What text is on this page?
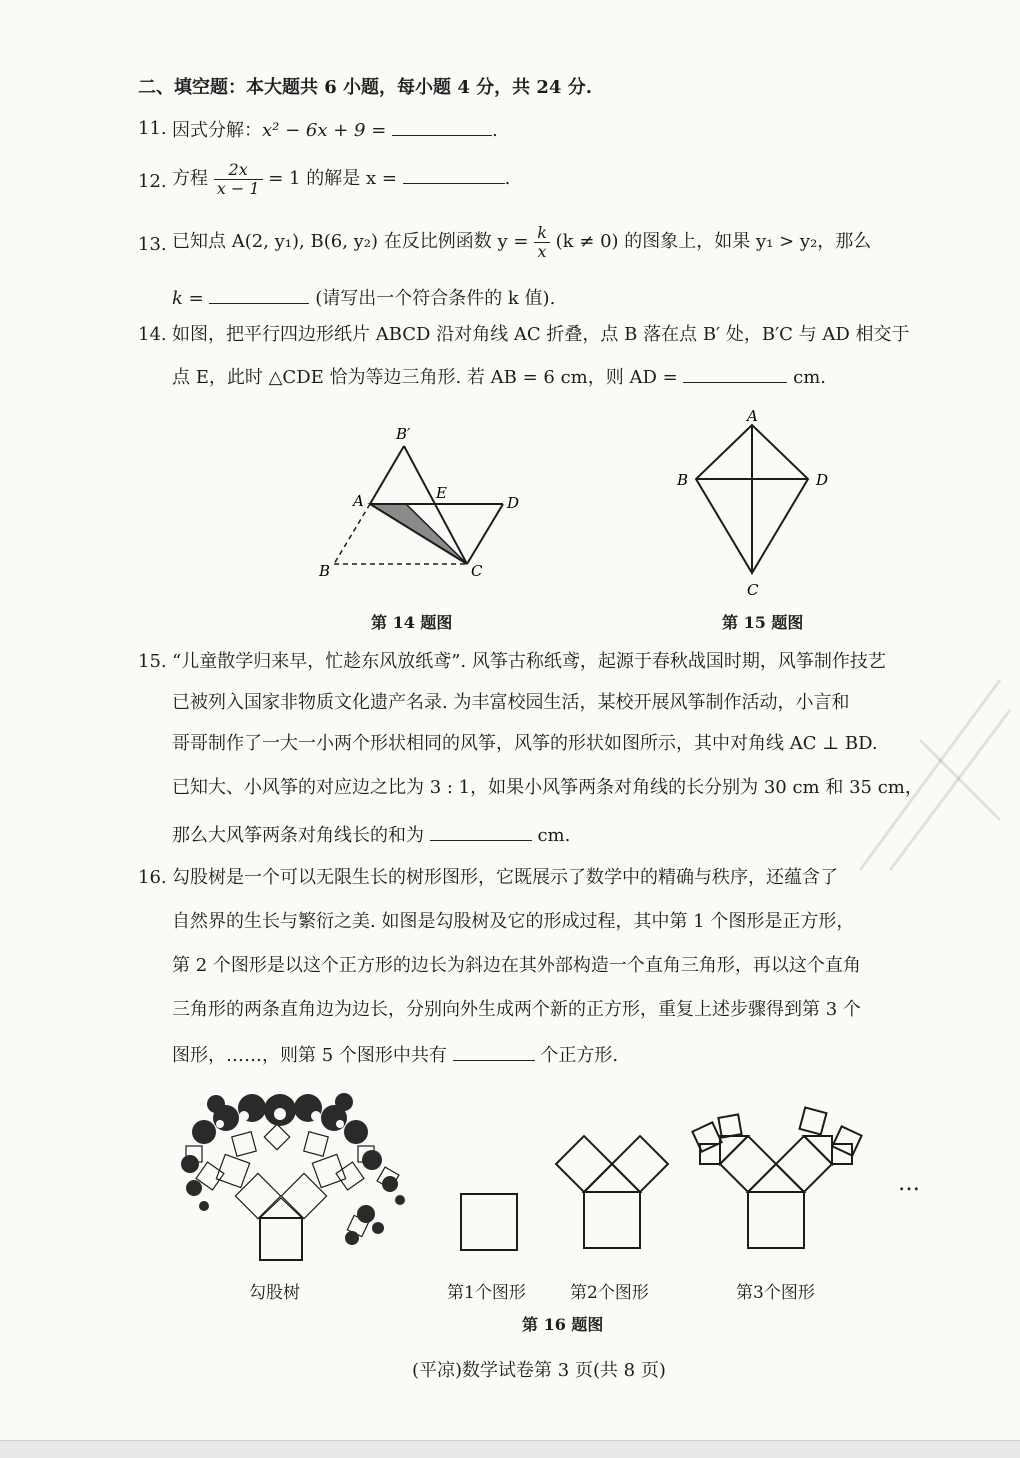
二、填空题：本大题共 6 小题，每小题 4 分，共 24 分.
11. 因式分解：x² − 6x + 9 =	.
12. 方程 $\frac{2x}{x - 1} = 1$ 的解是 x =	.
13. 已知点 A(2, y₁), B(6, y₂) 在反比例函数 $y = \frac{k}{x} (k \ne 0)$ 的图象上，如果 y₁ > y₂，那么
k =	(请写出一个符合条件的 k 值).
14. 如图，把平行四边形纸片 ABCD 沿对角线 AC 折叠，点 B 落在点 B′ 处，B′C 与 AD 相交于
点 E，此时 △CDE 恰为等边三角形. 若 AB = 6 cm，则 AD =	cm.
B′
A	E
D
B	C
第 14 题图
A
B	D
C
第 15 题图
15. “儿童散学归来早，忙趁东风放纸鸢”. 风筝古称纸鸢，起源于春秋战国时期，风筝制作技艺
已被列入国家非物质文化遗产名录. 为丰富校园生活，某校开展风筝制作活动，小言和
哥哥制作了一大一小两个形状相同的风筝，风筝的形状如图所示，其中对角线 AC ⊥ BD.
已知大、小风筝的对应边之比为 3 : 1，如果小风筝两条对角线的长分别为 30 cm 和 35 cm，
那么大风筝两条对角线长的和为	cm.
16. 勾股树是一个可以无限生长的树形图形，它既展示了数学中的精确与秩序，还蕴含了
自然界的生长与繁衍之美. 如图是勾股树及它的形成过程，其中第 1 个图形是正方形，
第 2 个图形是以这个正方形的边长为斜边在其外部构造一个直角三角形，再以这个直角
三角形的两条直角边为边长，分别向外生成两个新的正方形，重复上述步骤得到第 3 个
图形，……，则第 5 个图形中共有	个正方形.
…
勾股树	第1个图形	第2个图形	第3个图形
第 16 题图
(平凉)数学试卷第 3 页(共 8 页)
